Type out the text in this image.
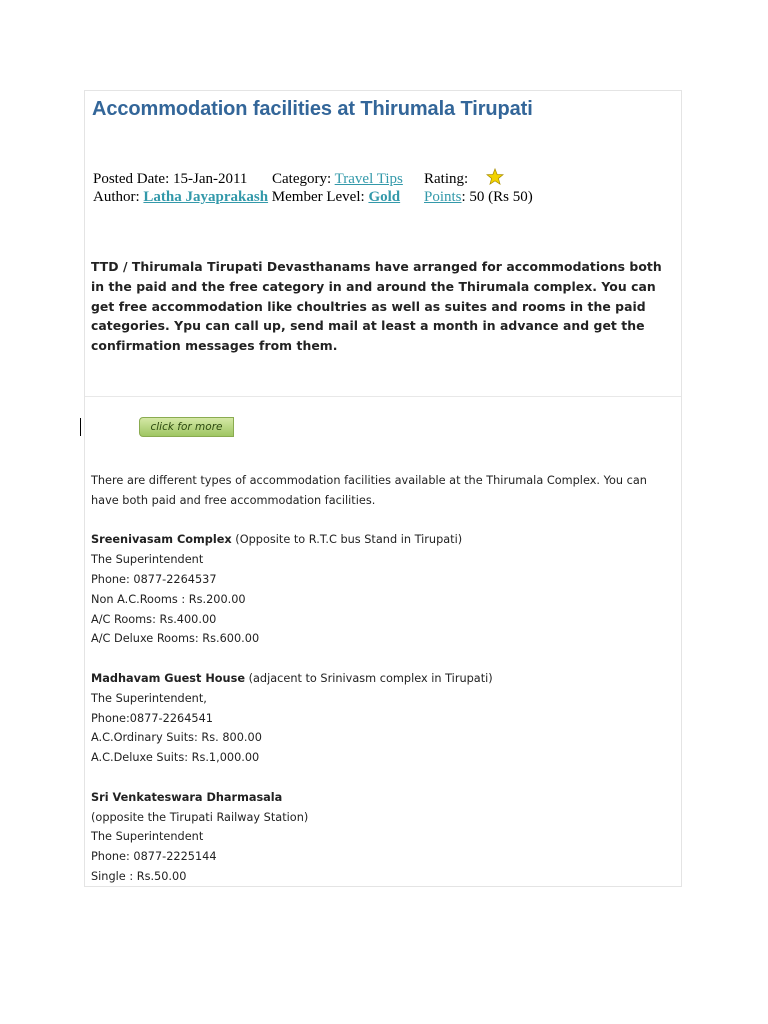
Accommodation facilities at Thirumala Tirupati
Posted Date: 15-Jan-2011 Category: Travel Tips Rating:
Author: Latha Jayaprakash Member Level: Gold	Points: 50 (Rs 50)

TTD / Thirumala Tirupati Devasthanams have arranged for accommodations both in the paid and the free category in and around the Thirumala complex. You can get free accommodation like choultries as well as suites and rooms in the paid categories. Ypu can call up, send mail at least a month in advance and get the confirmation messages from them.

click for more

There are different types of accommodation facilities available at the Thirumala Complex. You can have both paid and free accommodation facilities.

Sreenivasam Complex (Opposite to R.T.C bus Stand in Tirupati)

The Superintendent

Phone: 0877-2264537

Non A.C.Rooms : Rs.200.00

A/C Rooms: Rs.400.00

A/C Deluxe Rooms: Rs.600.00

Madhavam Guest House (adjacent to Srinivasm complex in Tirupati)

The Superintendent,

Phone:0877-2264541

A.C.Ordinary Suits: Rs. 800.00

A.C.Deluxe Suits: Rs.1,000.00

Sri Venkateswara Dharmasala

(opposite the Tirupati Railway Station)

The Superintendent

Phone: 0877-2225144

Single : Rs.50.00
